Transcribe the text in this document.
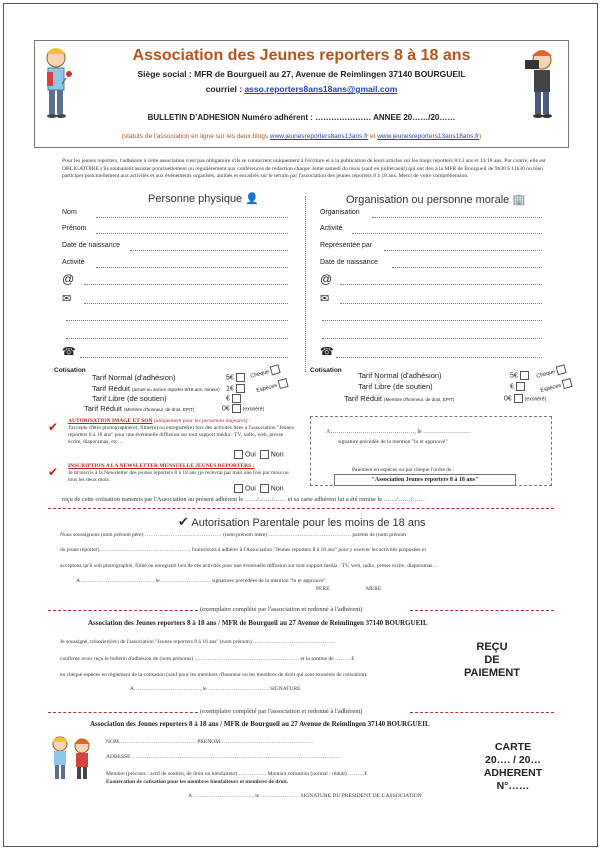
Association des Jeunes reporters 8 à 18 ans
Siège social : MFR de Bourgueil au 27, Avenue de Reimlingen 37140 BOURGUEIL
courriel : asso.reporters8ans18ans@gmail.com
BULLETIN D’ADHESION Numéro adhérent : ………………… ANNEE 20……/20……
(statuts de l’association en ligne sur les deux blogs www.jeunesreporters8ans13ans.fr et www.jeunesreporters13ans18ans.fr)
Pour les jeunes reporters, l'adhésion à cette association n'est pas obligatoire s'ils se consacrent uniquement à l'écriture et à la publication de leurs articles sur les blogs reporters 8/13 ans et 13/18 ans. Par contre, elle est OBLIGATOIRE s'ils souhaitent assister ponctuellement ou régulièrement aux conférences de rédaction chaque 3ème samedi du mois (sauf en juillet/août) qui ont lieu à la MFR de Bourgueil de 9h30 à 11h30 ou bien participer ponctuellement aux activités et aux événements organisés, animés et encadrés sur le terrain par l'association des jeunes reporters 8 à 18 ans. Merci de votre compréhension.
Personne physique 👤
Nom
Prénom
Date de naissance
Activité
@
✉
☎
Organisation ou personne morale 🏢
Organisation
Activité
Représentée par
Date de naissance
@
✉
☎
Cotisation
Tarif Normal (d'adhésion)	5€
Tarif Réduit (actuel ou ancien reporter 8/18 ans, mineur) 1€
Tarif Libre (de soutien)	€
Tarif Réduit (Membre d'honneur, de droit, EPIT)	0€	(exonéré)
Chèque
Espèces
Cotisation
Tarif Normal (d'adhésion)	5€
Tarif Libre (de soutien)	€
Tarif Réduit (Membre d'honneur, de droit, EPIT)	0€	(exonéré)
Chèque
Espèces
✔ AUTORISATION IMAGE ET SON (uniquement pour les personnes majeures) :
J'accepte d'être photographié(e), filmé(e) ou enregistré(e) lors des activités liées à l'association "Jeunes reporters 8 à 18 ans" pour une éventuelle diffusion sur tout support média : TV, radio, web, presse écrite, diaporamas, etc…
Oui Non
✔ INSCRIPTION A LA NEWSLETTER MENSUELLE JEUNES REPORTERS :
Je m'inscris à la Newsletter des jeunes reporters 8 à 18 ans (je recevrai par mail une fois par mois ou tous les deux mois.
Oui Non
A……………………………………, le ……………………
signature précédée de la mention "lu et approuvé"
Paiement en espèces ou par chèque l'ordre de :
"Association Jeunes reporters 8 à 18 ans"
reçu de cette cotisation transmis par l'Association au présent adhérent le ……/……/…… et sa carte adhérent lui a été remise le ……/……/……
✔ Autorisation Parentale pour les moins de 18 ans
Nous soussignons (nom prénom père) …………………………………… (nom prénom mère) ……………………………………… parents de (nom prénom
du jeune reporter) …………………………………………, l'autorisons à adhérer à l'Association "Jeunes reporters 8 à 18 ans" pour y exercer les activités proposées et
acceptons qu'il soit photographié, filmé ou enregistré lors de ces activités pour une éventuelle diffusion sur tout support média : TV, web, radio, presse écrite, diaporamas…
A………………………………… , le ……………………… signatures précédées de la mention "lu et approuvé"
PERE	MERE
(exemplaire complété par l'association et redonné à l'adhérent)
Association des Jeunes reporters 8 à 18 ans / MFR de Bourgueil au 27 Avenue de Reimlingen 37140 BOURGUEIL
Je soussigné, trésorier(ère) de l'association "Jeunes reporters 8 à 18 ans" (nom prénom) ………………………………………
confirme avoir reçu le bulletin d'adhésion de (nom prénoms) ………………………………………………… et la somme de ………€
en chèque espèces en règlement de la cotisation (sauf pour les membres d'honneur ou les membres de droit qui sont exonérés de cotisation).
A………………………………, le …………………………… SIGNATURE
REÇU
DE
PAIEMENT
(exemplaire complété par l'association et redonné à l'adhérent)
Association des Jeunes reporters 8 à 18 ans / MFR de Bourgueil au 27 Avenue de Reimlingen 37140 BOURGUEIL
NOM…………………………………… PRENOM……………………………………………
ADRESSE ……………………………………………………………………………………………………
Membre (précisez : actif de soutien, de droit ou bienfaiteur) …………… Montant cotisation (normal / réduit) ………€
Exonération de cotisation pour les membres bienfaiteurs et membres de droit.
A……………………………, le ………………… SIGNATURE DU PRESIDENT DE L'ASSOCIATION
CARTE
20…. / 20…
ADHERENT
N°……
